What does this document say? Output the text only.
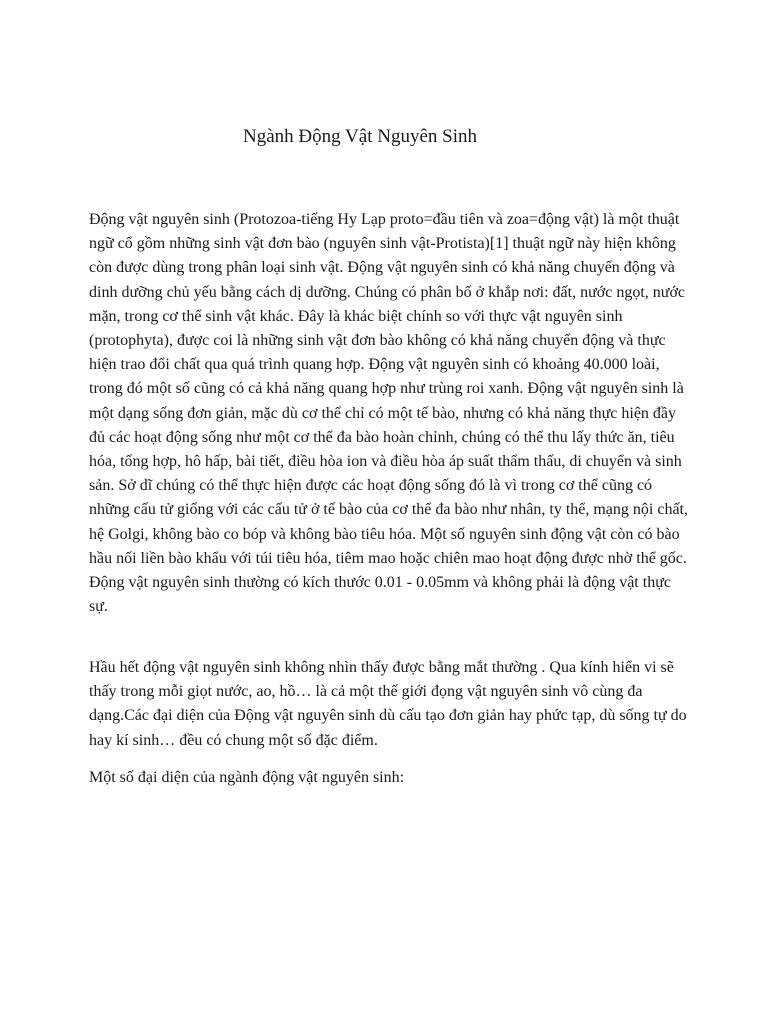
Ngành Động Vật Nguyên Sinh

Động vật nguyên sinh (Protozoa-tiếng Hy Lạp proto=đầu tiên và zoa=động vật) là một thuật ngữ cổ gồm những sinh vật đơn bào (nguyên sinh vật-Protista)[1] thuật ngữ này hiện không còn được dùng trong phân loại sinh vật. Động vật nguyên sinh có khả năng chuyển động và dinh dưỡng chủ yếu bằng cách dị dưỡng. Chúng có phân bố ở khắp nơi: đất, nước ngọt, nước mặn, trong cơ thể sinh vật khác. Đây là khác biệt chính so với thực vật nguyên sinh (protophyta), được coi là những sinh vật đơn bào không có khả năng chuyển động và thực hiện trao đổi chất qua quá trình quang hợp. Động vật nguyên sinh có khoảng 40.000 loài, trong đó một số cũng có cả khả năng quang hợp như trùng roi xanh. Động vật nguyên sinh là một dạng sống đơn giản, mặc dù cơ thể chỉ có một tế bào, nhưng có khả năng thực hiện đầy đủ các hoạt động sống như một cơ thể đa bào hoàn chỉnh, chúng có thể thu lấy thức ăn, tiêu hóa, tổng hợp, hô hấp, bài tiết, điều hòa ion và điều hòa áp suất thẩm thấu, di chuyển và sinh sản. Sở dĩ chúng có thể thực hiện được các hoạt động sống đó là vì trong cơ thể cũng có những cấu tử giống với các cấu tử ở tế bào của cơ thể đa bào như nhân, ty thể, mạng nội chất, hệ Golgi, không bào co bóp và không bào tiêu hóa. Một số nguyên sinh động vật còn có bào hầu nối liền bào khẩu với túi tiêu hóa, tiêm mao hoặc chiên mao hoạt động được nhờ thể gốc. Động vật nguyên sinh thường có kích thước 0.01 - 0.05mm và không phải là động vật thực sự.

Hầu hết động vật nguyên sinh không nhìn thấy được bằng mắt thường . Qua kính hiển vi sẽ thấy trong mỗi giọt nước, ao, hồ… là cả một thế giới đọng vật nguyên sinh vô cùng đa dạng.Các đại diện của Động vật nguyên sinh dù cấu tạo đơn giản hay phức tạp, dù sống tự do hay kí sinh… đều có chung một số đặc điểm.

Một số đại diện của ngành động vật nguyên sinh:
